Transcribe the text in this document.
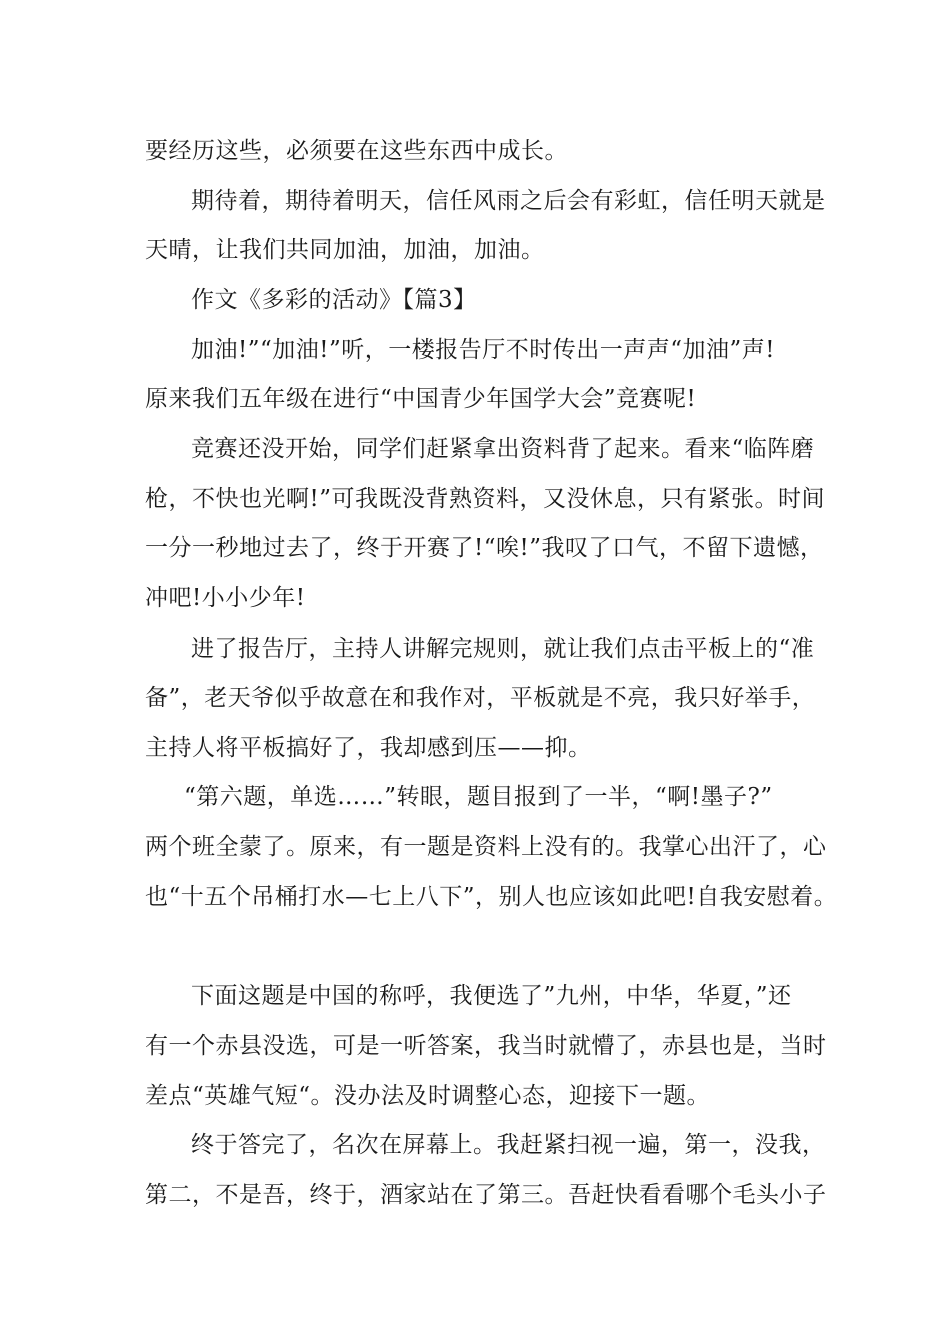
要经历这些，必须要在这些东西中成长。
期待着，期待着明天，信任风雨之后会有彩虹，信任明天就是
天晴，让我们共同加油，加油，加油。
作文《多彩的活动》【篇3】
加油!”“加油!”听，一楼报告厅不时传出一声声“加油”声!
原来我们五年级在进行“中国青少年国学大会”竞赛呢!
竞赛还没开始，同学们赶紧拿出资料背了起来。看来“临阵磨
枪，不快也光啊!”可我既没背熟资料，又没休息，只有紧张。时间
一分一秒地过去了，终于开赛了!“唉!”我叹了口气，不留下遗憾，
冲吧!小小少年!
进了报告厅，主持人讲解完规则，就让我们点击平板上的“准
备”，老天爷似乎故意在和我作对，平板就是不亮，我只好举手，
主持人将平板搞好了，我却感到压——抑。
“第六题，单选……”转眼，题目报到了一半，“啊!墨子?”
两个班全蒙了。原来，有一题是资料上没有的。我掌心出汗了，心
也“十五个吊桶打水—七上八下”，别人也应该如此吧!自我安慰着。
下面这题是中国的称呼，我便选了”九州，中华，华夏，”还
有一个赤县没选，可是一听答案，我当时就懵了，赤县也是，当时
差点“英雄气短“。没办法及时调整心态，迎接下一题。
终于答完了，名次在屏幕上。我赶紧扫视一遍，第一，没我，
第二，不是吾，终于，酒家站在了第三。吾赶快看看哪个毛头小子
